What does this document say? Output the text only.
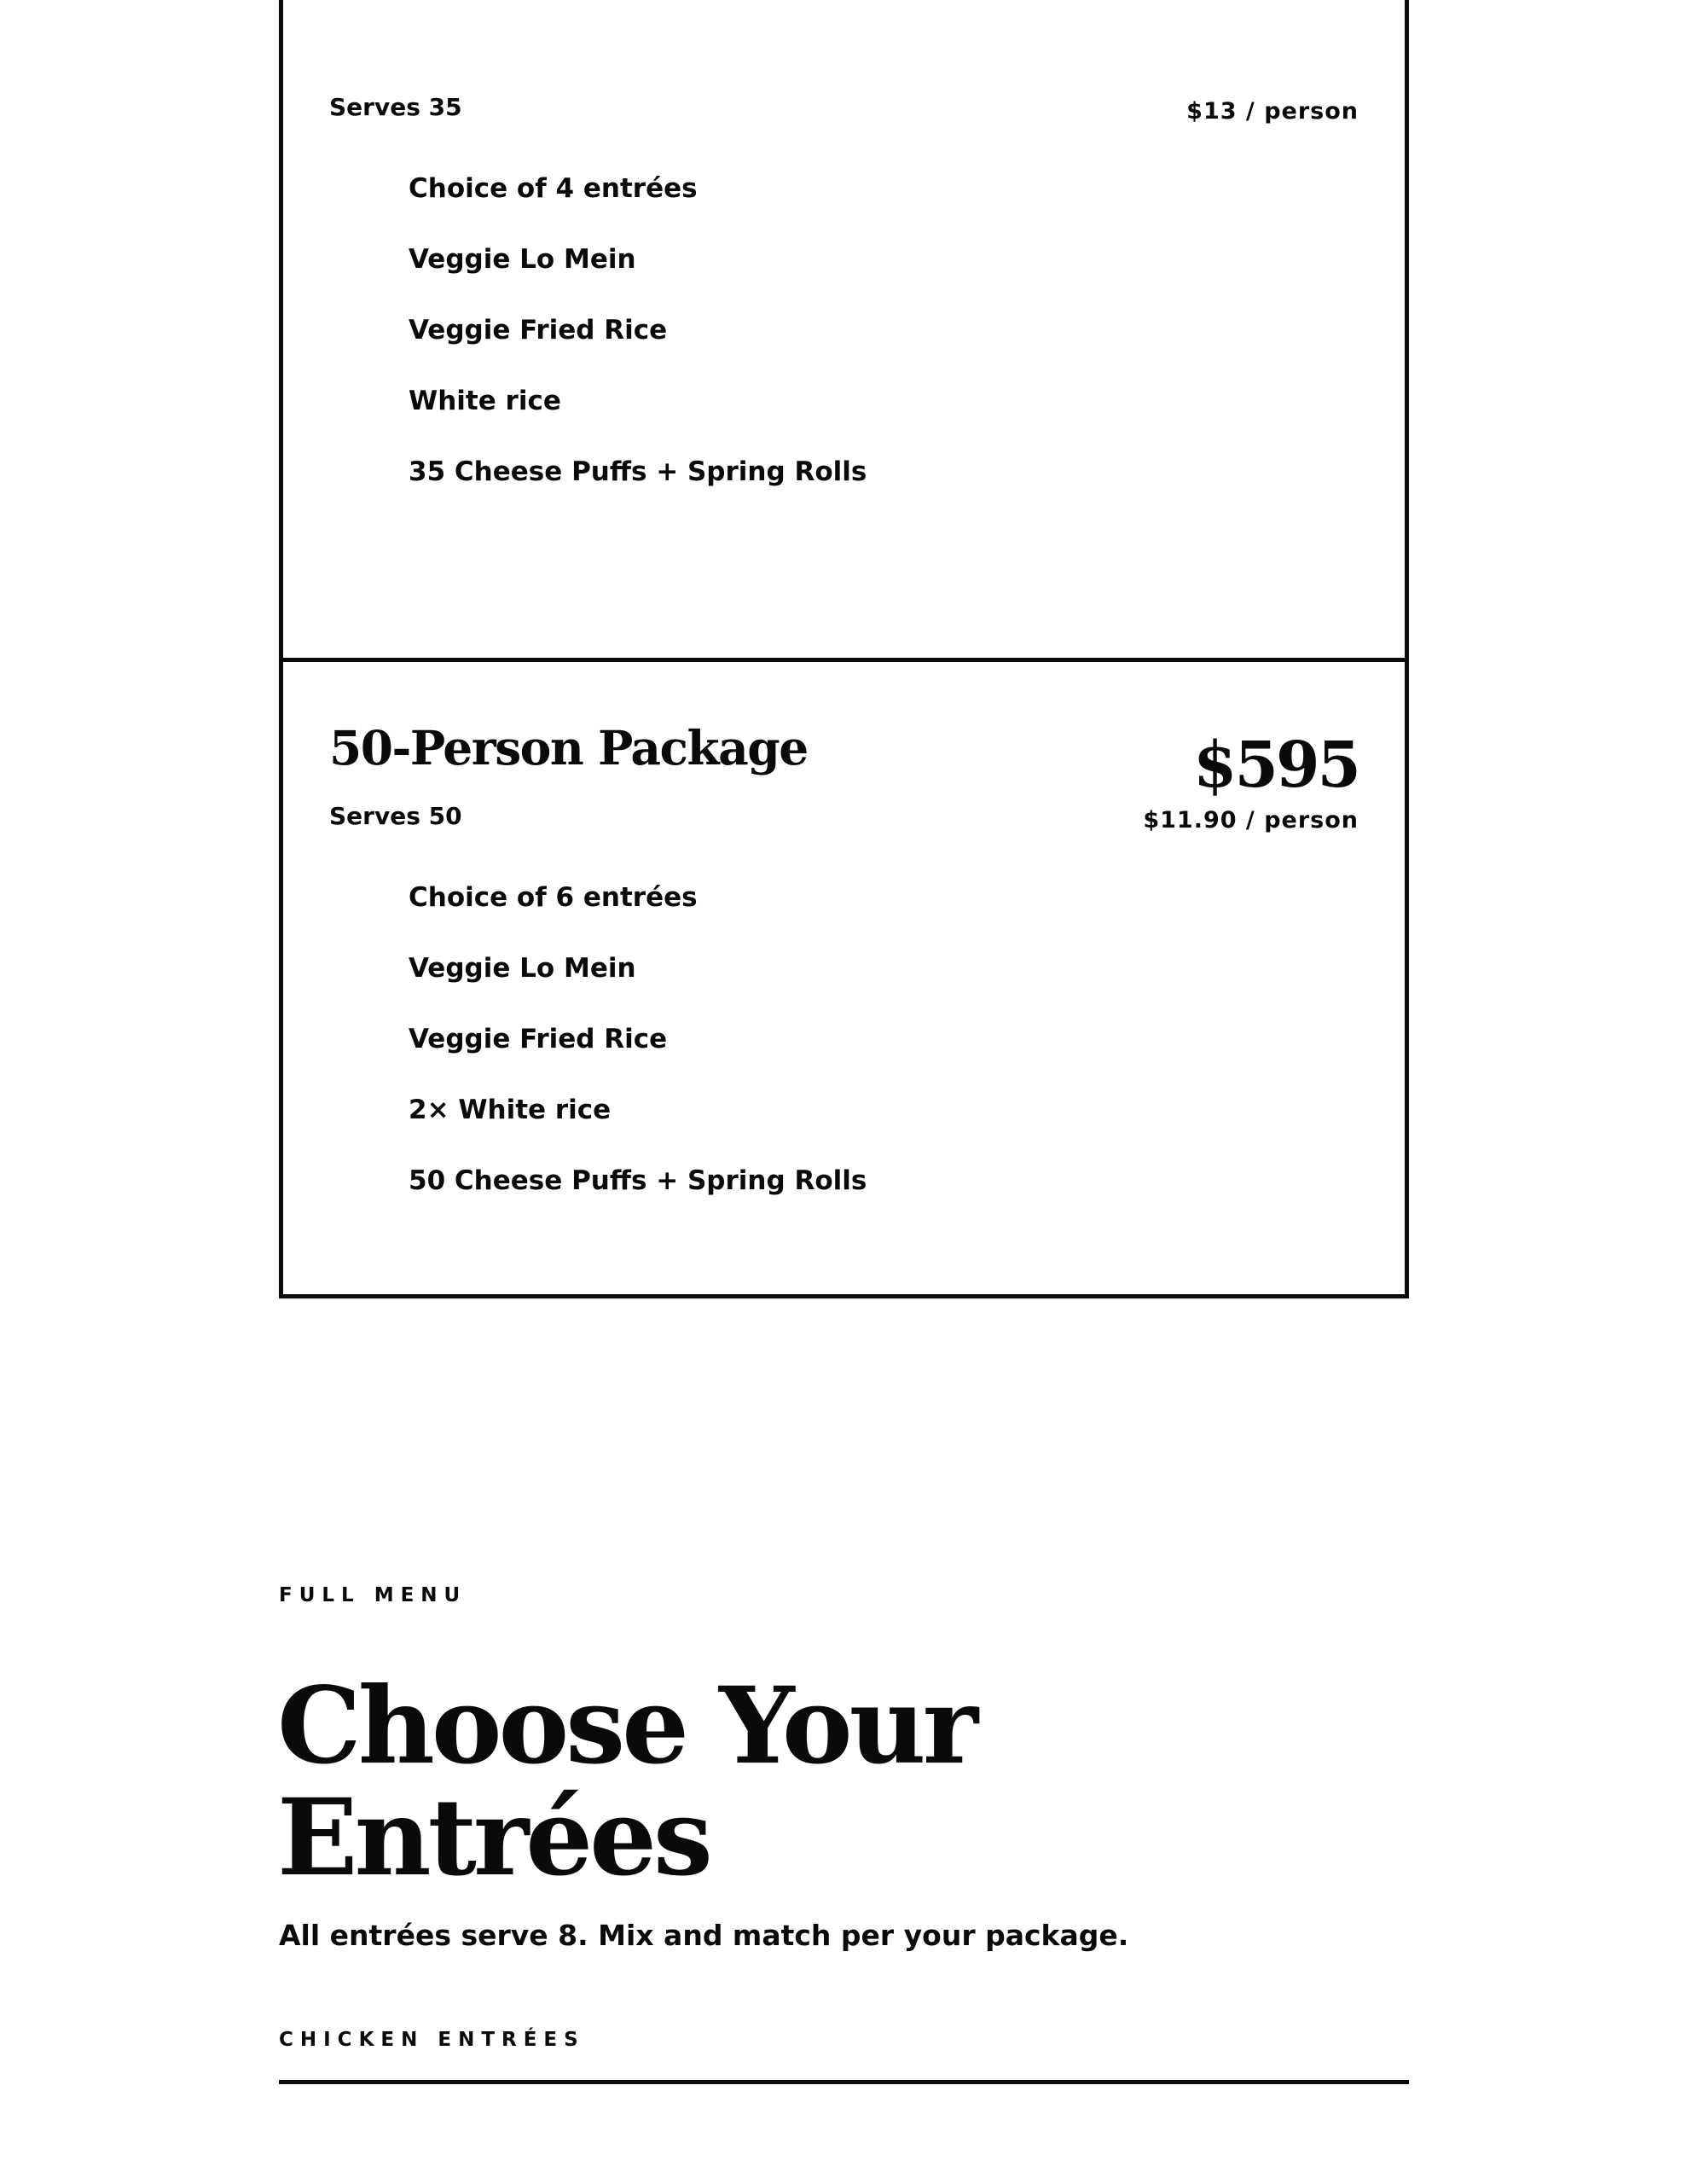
Serves 35	$13 / person

Choice of 4 entrées
Veggie Lo Mein
Veggie Fried Rice
White rice
35 Cheese Puffs + Spring Rolls
50-Person Package

Serves 50

$595

$11.90 / person

Choice of 6 entrées
Veggie Lo Mein
Veggie Fried Rice
2× White rice
50 Cheese Puffs + Spring Rolls

FULL MENU

Choose Your
Entrées

All entrées serve 8. Mix and match per your package.

CHICKEN ENTRÉES
